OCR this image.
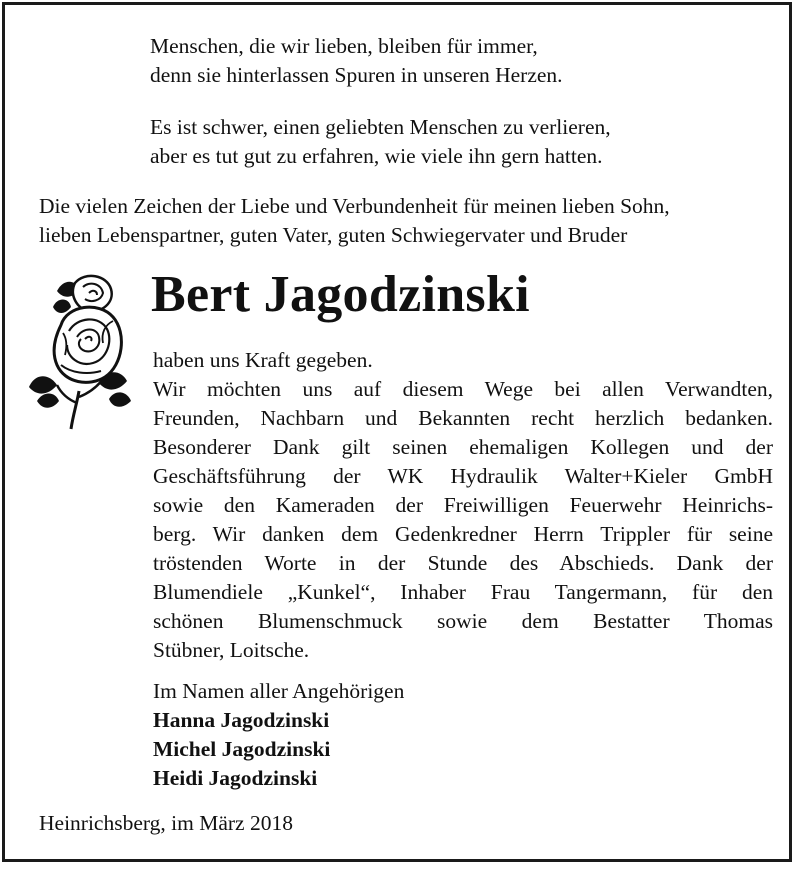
Menschen, die wir lieben, bleiben für immer,
denn sie hinterlassen Spuren in unseren Herzen.
Es ist schwer, einen geliebten Menschen zu verlieren,
aber es tut gut zu erfahren, wie viele ihn gern hatten.
Die vielen Zeichen der Liebe und Verbundenheit für meinen lieben Sohn,
lieben Lebenspartner, guten Vater, guten Schwiegervater und Bruder
Bert Jagodzinski
haben uns Kraft gegeben.
Wir möchten uns auf diesem Wege bei allen Verwandten,
Freunden, Nachbarn und Bekannten recht herzlich bedanken.
Besonderer Dank gilt seinen ehemaligen Kollegen und der
Geschäftsführung der WK Hydraulik Walter+Kieler GmbH
sowie den Kameraden der Freiwilligen Feuerwehr Heinrichs-
berg. Wir danken dem Gedenkredner Herrn Trippler für seine
tröstenden Worte in der Stunde des Abschieds. Dank der
Blumendiele „Kunkel“, Inhaber Frau Tangermann, für den
schönen Blumenschmuck sowie dem Bestatter Thomas
Stübner, Loitsche.
Im Namen aller Angehörigen
Hanna Jagodzinski
Michel Jagodzinski
Heidi Jagodzinski
Heinrichsberg, im März 2018
